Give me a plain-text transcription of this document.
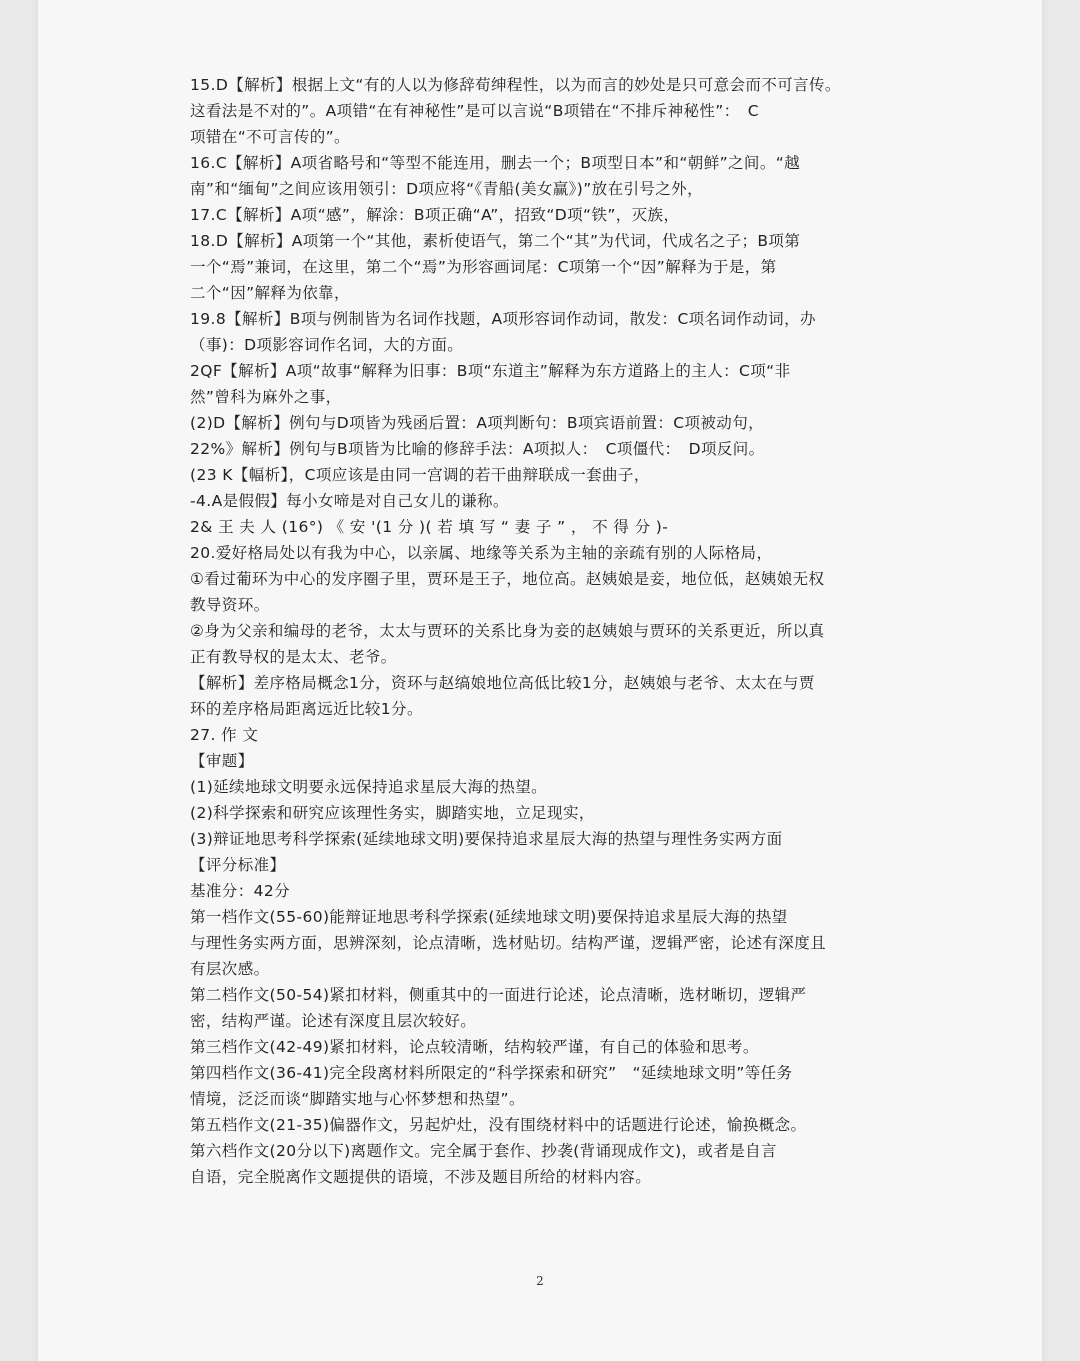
15.D【解析】根据上文“有的人以为修辞荀绅程性，以为而言的妙处是只可意会而不可言传。
这看法是不对的”。A项错“在有神秘性”是可以言说“B项错在“不排斥神秘性”：　C
项错在“不可言传的”。
16.C【解析】A项省略号和“等型不能连用，删去一个；B项型日本”和“朝鲜”之间。“越
南”和“缅甸”之间应该用领引：D项应将“《青船(美女赢》)”放在引号之外，
17.C【解析】A项“感”，解涂：B项正确“A”，招致“D项“铁”，灭族，
18.D【解析】A项第一个“其他，素析使语气，第二个“其”为代词，代成名之子；B项第
一个“焉”兼词，在这里，第二个“焉”为形容画词尾：C项第一个“因”解释为于是，第
二个“因”解释为依靠，
19.8【解析】B项与例制皆为名词作找题，A项形容词作动词，散发：C项名词作动词，办
（事)：D项影容词作名词，大的方面。
2QF【解析】A项“故事“解释为旧事：B项“东道主”解释为东方道路上的主人：C项“非
然”曾科为麻外之事，
(2)D【解析】例句与D项皆为残函后置：A项判断句：B项宾语前置：C项被动句，
22%》解析】例句与B项皆为比喻的修辞手法：A项拟人：　C项僵代：　D项反问。
(23 K【幅析】，C项应该是由同一宫调的若干曲辩联成一套曲子，
-4.A是假假】每小女啼是对自己女儿的谦称。
2& 王 夫 人 (16°) 《 安 '(1 分 )( 若 填 写 “ 妻 子 ” ， 不 得 分 )-
20.爱好格局处以有我为中心，以亲属、地缘等关系为主轴的亲疏有别的人际格局，
①看过葡环为中心的发序圈子里，贾环是王子，地位高。赵姨娘是妾，地位低，赵姨娘无权
教导资环。
②身为父亲和编母的老爷，太太与贾环的关系比身为妾的赵姨娘与贾环的关系更近，所以真
正有教导权的是太太、老爷。
【解析】差序格局概念1分，资环与赵缟娘地位高低比较1分，赵姨娘与老爷、太太在与贾
环的差序格局距离远近比较1分。
27. 作 文
【审题】
(1)延续地球文明要永远保持追求星辰大海的热望。
(2)科学探索和研究应该理性务实，脚踏实地，立足现实，
(3)辩证地思考科学探索(延续地球文明)要保持追求星辰大海的热望与理性务实两方面
【评分标准】
基准分：42分
第一档作文(55-60)能辩证地思考科学探索(延续地球文明)要保持追求星辰大海的热望
与理性务实两方面，思辨深刻，论点清晰，选材贴切。结构严谨，逻辑严密，论述有深度且
有层次感。
第二档作文(50-54)紧扣材料，侧重其中的一面进行论述，论点清晰，选材晰切，逻辑严
密，结构严谨。论述有深度且层次较好。
第三档作文(42-49)紧扣材料，论点较清晰，结构较严谨，有自己的体验和思考。
第四档作文(36-41)完全段离材料所限定的“科学探索和研究”　“延续地球文明”等任务
情境，泛泛而谈“脚踏实地与心怀梦想和热望”。
第五档作文(21-35)偏器作文，另起炉灶，没有围绕材料中的话题进行论述，愉换概念。
第六档作文(20分以下)离题作文。完全属于套作、抄袭(背诵现成作文)，或者是自言
自语，完全脱离作文题提供的语境，不涉及题目所给的材料内容。
2
